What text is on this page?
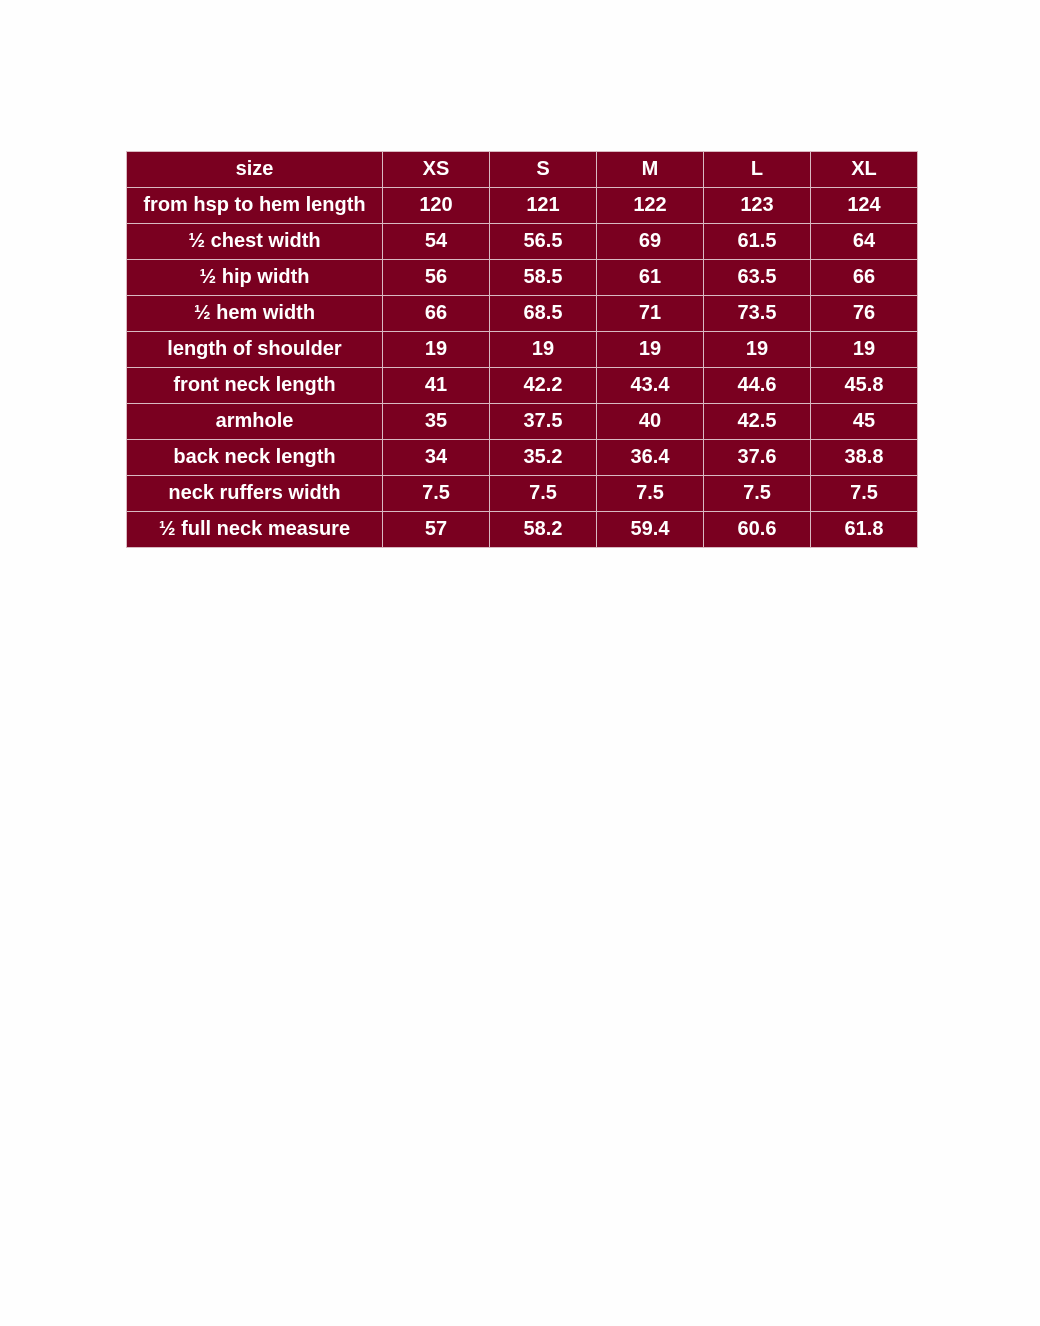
size	XS	S	M	L	XL
from hsp to hem length	120	121	122	123	124
½ chest width	54	56.5	69	61.5	64
½ hip width	56	58.5	61	63.5	66
½ hem width	66	68.5	71	73.5	76
length of shoulder	19	19	19	19	19
front neck length	41	42.2	43.4	44.6	45.8
armhole	35	37.5	40	42.5	45
back neck length	34	35.2	36.4	37.6	38.8
neck ruffers width	7.5	7.5	7.5	7.5	7.5
½ full neck measure	57	58.2	59.4	60.6	61.8
